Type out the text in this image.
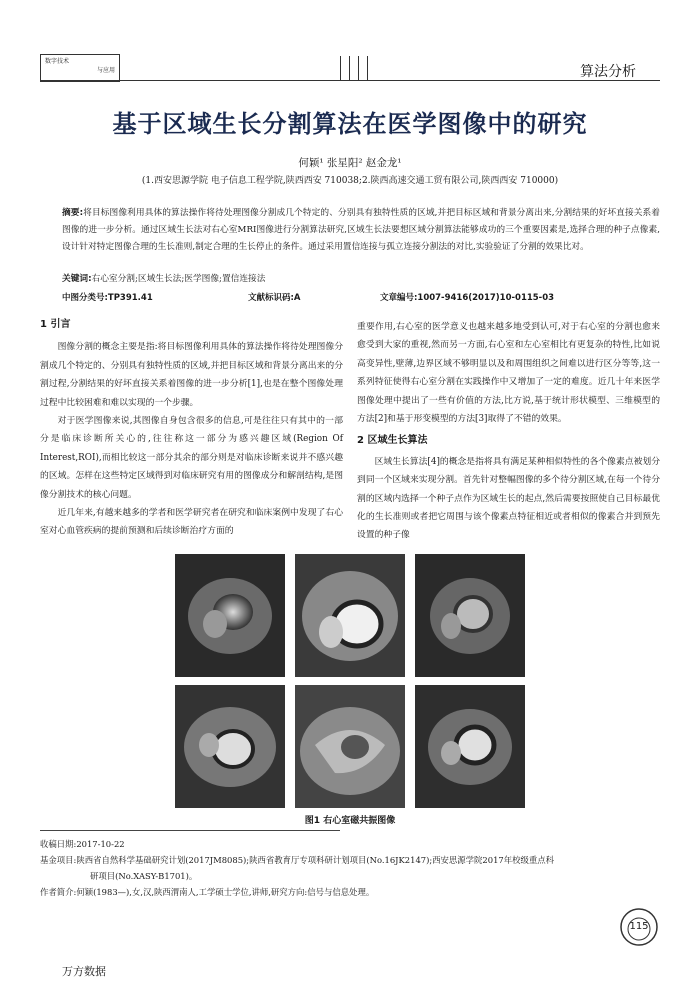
数字技术
与应用	算法分析
基于区域生长分割算法在医学图像中的研究
何颖¹ 张星阳² 赵金龙¹
(1.西安思源学院 电子信息工程学院,陕西西安 710038;2.陕西高速交通工贸有限公司,陕西西安 710000)
摘要:将目标图像利用具体的算法操作将待处理图像分割成几个特定的、分别具有独特性质的区域,并把目标区域和背景分离出来,分割结果的好坏直接关系着图像的进一步分析。通过区域生长法对右心室MRI图像进行分割算法研究,区域生长法要想区域分割算法能够成功的三个重要因素是,选择合理的种子点像素,设计针对特定图像合理的生长准则,制定合理的生长停止的条件。通过采用置信连接与孤立连接分割法的对比,实验验证了分割的效果比对。
关键词:右心室分割;区域生长法;医学图像;置信连接法
中图分类号:TP391.41	文献标识码:A	文章编号:1007-9416(2017)10-0115-03
1 引言

图像分割的概念主要是指:将目标图像利用具体的算法操作将待处理图像分割成几个特定的、分别具有独特性质的区域,并把目标区域和背景分离出来的分割过程,分割结果的好坏直接关系着图像的进一步分析[1],也是在整个图像处理过程中比较困难和难以实现的一个步骤。

对于医学图像来说,其图像自身包含很多的信息,可是往往只有其中的一部分是临床诊断所关心的,往往称这一部分为感兴趣区域(Region Of Interest,ROI),而相比较这一部分其余的部分则是对临床诊断来说并不感兴趣的区域。怎样在这些特定区域得到对临床研究有用的图像成分和解剖结构,是图像分割技术的核心问题。

近几年来,有越来越多的学者和医学研究者在研究和临床案例中发现了右心室对心血管疾病的提前预测和后续诊断治疗方面的

重要作用,右心室的医学意义也越来越多地受到认可,对于右心室的分割也愈来愈受到大家的重视,然而另一方面,右心室和左心室相比有更复杂的特性,比如说高变异性,壁薄,边界区域不够明显以及和周围组织之间难以进行区分等等,这一系列特征使得右心室分割在实践操作中又增加了一定的难度。近几十年来医学图像处理中提出了一些有价值的方法,比方说,基于统计形状模型、三维模型的方法[2]和基于形变模型的方法[3]取得了不错的效果。

2 区域生长算法

区域生长算法[4]的概念是指将具有满足某种相似特性的各个像素点被划分到同一个区域来实现分割。首先针对整幅图像的多个待分割区域,在每一个待分割的区域内选择一个种子点作为区域生长的起点,然后需要按照使自己目标最优化的生长准则或者把它周围与该个像素点特征相近或者相似的像素合并到预先设置的种子像

图1 右心室磁共振图像
收稿日期:2017-10-22
基金项目:陕西省自然科学基础研究计划(2017JM8085);陕西省教育厅专项科研计划项目(No.16JK2147);西安思源学院2017年校级重点科
研项目(No.XASY-B1701)。
作者简介:何颖(1983—),女,汉,陕西渭南人,工学硕士学位,讲师,研究方向:信号与信息处理。
115
万方数据
